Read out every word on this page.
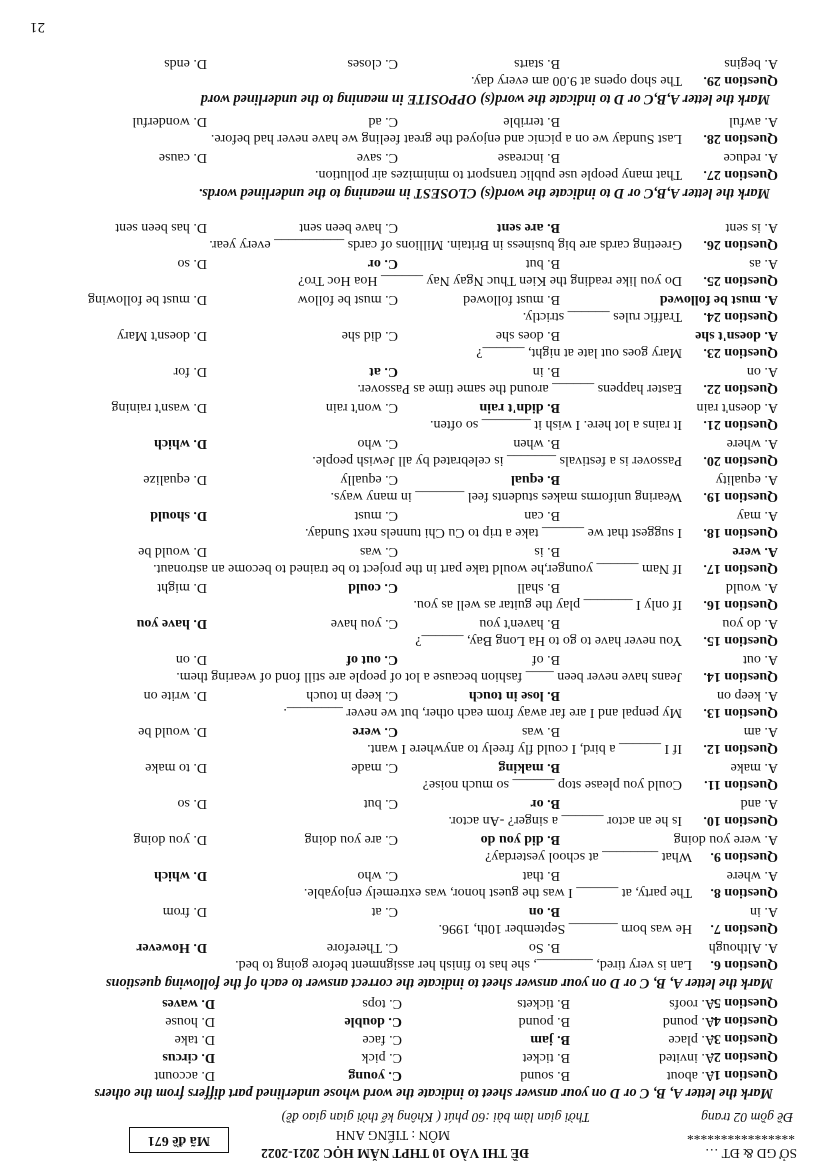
SỞ GD & ĐT …
ĐỀ THI VÀO 10 THPT NĂM HỌC 2021-2022
****************
MÔN : TIẾNG ANH
Đề gồm 02 trang
Thời gian làm bài :60 phút ( Không kể thời gian giao đề)
Mã đề 671
Mark the letter A, B, C or D on your answer sheet to indicate the word whose underlined part differs from the others
Question 1.
A. about
B. sound
C. young
D. account
Question 2.
A. invited
B. ticket
C. pick
D. circus
Question 3.
A. place
B. jam
C. face
D. take
Question 4.
A. pound
B. pound
C. double
D. house
Question 5.
A. roofs
B. tickets
C. tops
D. waves
Mark the letter A, B, C or D on your answer sheet to indicate the correct answer to each of the following questions
Question 6.
Lan is very tired, ________, she has to finish her assignment before going to bed.
A. Although
B. So
C. Therefore
D. However
Question 7.
He was born _______ September 10th, 1996.
A. in
B. on
C. at
D. from
Question 8.
The party, at ______ I was the guest honor, was extremely enjoyable.
A. where
B. that
C. who
D. which
Question 9.
What ________ at school yesterday?
A. were you doing
B. did you do
C. are you doing
D. you doing
Question 10.
Is he an actor ______ a singer? -An actor.
A. and
B. or
C. but
D. so
Question 11.
Could you please stop ______ so much noise?
A. make
B. making
C. made
D. to make
Question 12.
If I ______ a bird, I could fly freely to anywhere I want.
A. am
B. was
C. were
D. would be
Question 13.
My penpal and I are far away from each other, but we never ________.
A. keep on
B. lose in touch
C. keep in touch
D. write on
Question 14.
Jeans have never been ____ fashion because a lot of people are still fond of wearing them.
A. out
B. of
C. out of
D. on
Question 15.
You never have to go to Ha Long Bay, ______?
A. do you
B. haven't you
C. you have
D. have you
Question 16.
If only I _______ play the guitar as well as you.
A. would
B. shall
C. could
D. might
Question 17.
If Nam ______ younger,he would take part in the project to be trained to become an astronaut.
A. were
B. is
C. was
D. would be
Question 18.
I suggest that we ______ take a trip to Cu Chi tunnels next Sunday.
A. may
B. can
C. must
D. should
Question 19.
Wearing uniforms makes students feel _______ in many ways.
A. equality
B. equal
C. equally
D. equalize
Question 20.
Passover is a festivals _______ is celebrated by all Jewish people.
A. where
B. when
C. who
D. which
Question 21.
It rains a lot here. I wish it _______ so often.
A. doesn't rain
B. didn't rain
C. won't rain
D. wasn't raining
Question 22.
Easter happens ______ around the same time as Passover.
A. on
B. in
C. at
D. for
Question 23.
Mary goes out late at night, ______?
A. doesn't she
B. does she
C. did she
D. doesn't Mary
Question 24.
Traffic rules ______ strictly.
A. must be followed
B. must followed
C. must be follow
D. must be following
Question 25.
Do you like reading the Kien Thuc Ngay Nay ______ Hoa Hoc Tro?
A. as
B. but
C. or
D. so
Question 26.
Greeting cards are big business in Britain. Millions of cards __________ every year.
A. is sent
B. are sent
C. have been sent
D. has been sent
Mark the letter A,B,C or D to indicate the word(s) CLOSEST in meaning to the underlined words.
Question 27.
That many people use public transport to minimizes air pollution.
A. reduce
B. increase
C. save
D. cause
Question 28.
Last Sunday we on a picnic and enjoyed the great feeling we have never had before.
A. awful
B. terrible
C. ad
D. wonderful
Mark the letter A,B,C or D to indicate the word(s) OPPOSITE in meaning to the underlined word
Question 29.
The shop opens at 9.00 am every day.
A. begins
B. starts
C. closes
D. ends
21
